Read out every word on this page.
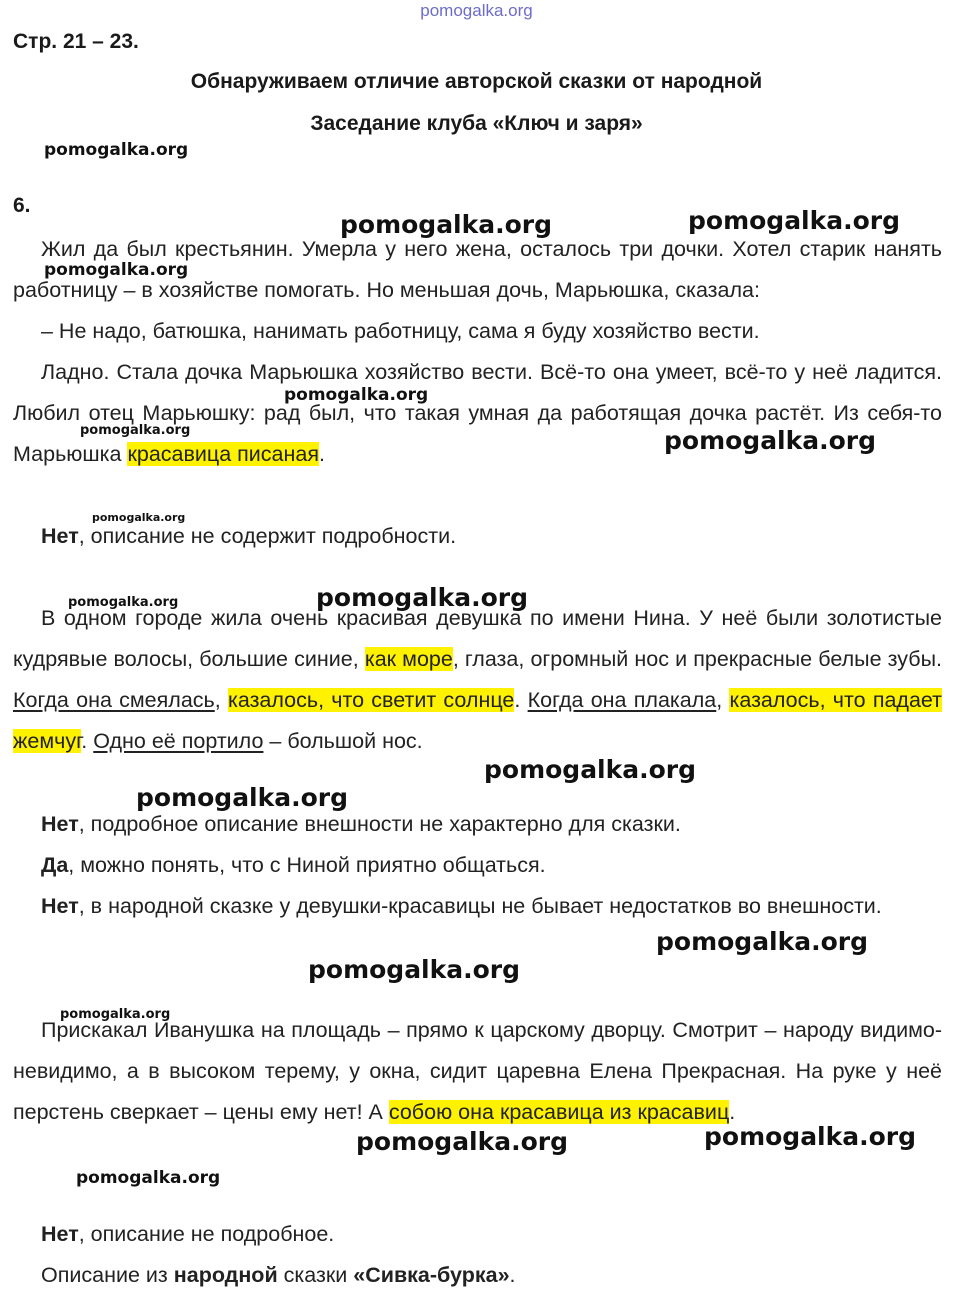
pomogalka.org
Стр. 21 – 23.
Обнаруживаем отличие авторской сказки от народной
Заседание клуба «Ключ и заря»
6.

Жил да был крестьянин. Умерла у него жена, осталось три дочки. Хотел старик нанять работницу – в хозяйстве помогать. Но меньшая дочь, Марьюшка, сказала:

– Не надо, батюшка, нанимать работницу, сама я буду хозяйство вести.

Ладно. Стала дочка Марьюшка хозяйство вести. Всё-то она умеет, всё-то у неё ладится. Любил отец Марьюшку: рад был, что такая умная да работящая дочка растёт. Из себя-то Марьюшка красавица писаная.

Нет, описание не содержит подробности.

В одном городе жила очень красивая девушка по имени Нина. У неё были золотистые кудрявые волосы, большие синие, как море, глаза, огромный нос и прекрасные белые зубы. Когда она смеялась, казалось, что светит солнце. Когда она плакала, казалось, что падает жемчуг. Одно её портило – большой нос.

Нет, подробное описание внешности не характерно для сказки.
Да, можно понять, что с Ниной приятно общаться.

Нет, в народной сказке у девушки-красавицы не бывает недостатков во внешности.

Прискакал Иванушка на площадь – прямо к царскому дворцу. Смотрит – народу видимо-невидимо, а в высоком терему, у окна, сидит царевна Елена Прекрасная. На руке у неё перстень сверкает – цены ему нет! А собою она красавица из красавиц.

Нет, описание не подробное.
Описание из народной сказки «Сивка-бурка».
pomogalka.org
pomogalka.org	pomogalka.org
pomogalka.org
pomogalka.org
pomogalka.org	pomogalka.org
pomogalka.org
pomogalka.org	pomogalka.org
pomogalka.org
pomogalka.org
pomogalka.org
pomogalka.org
pomogalka.org
pomogalka.org	pomogalka.org
pomogalka.org
